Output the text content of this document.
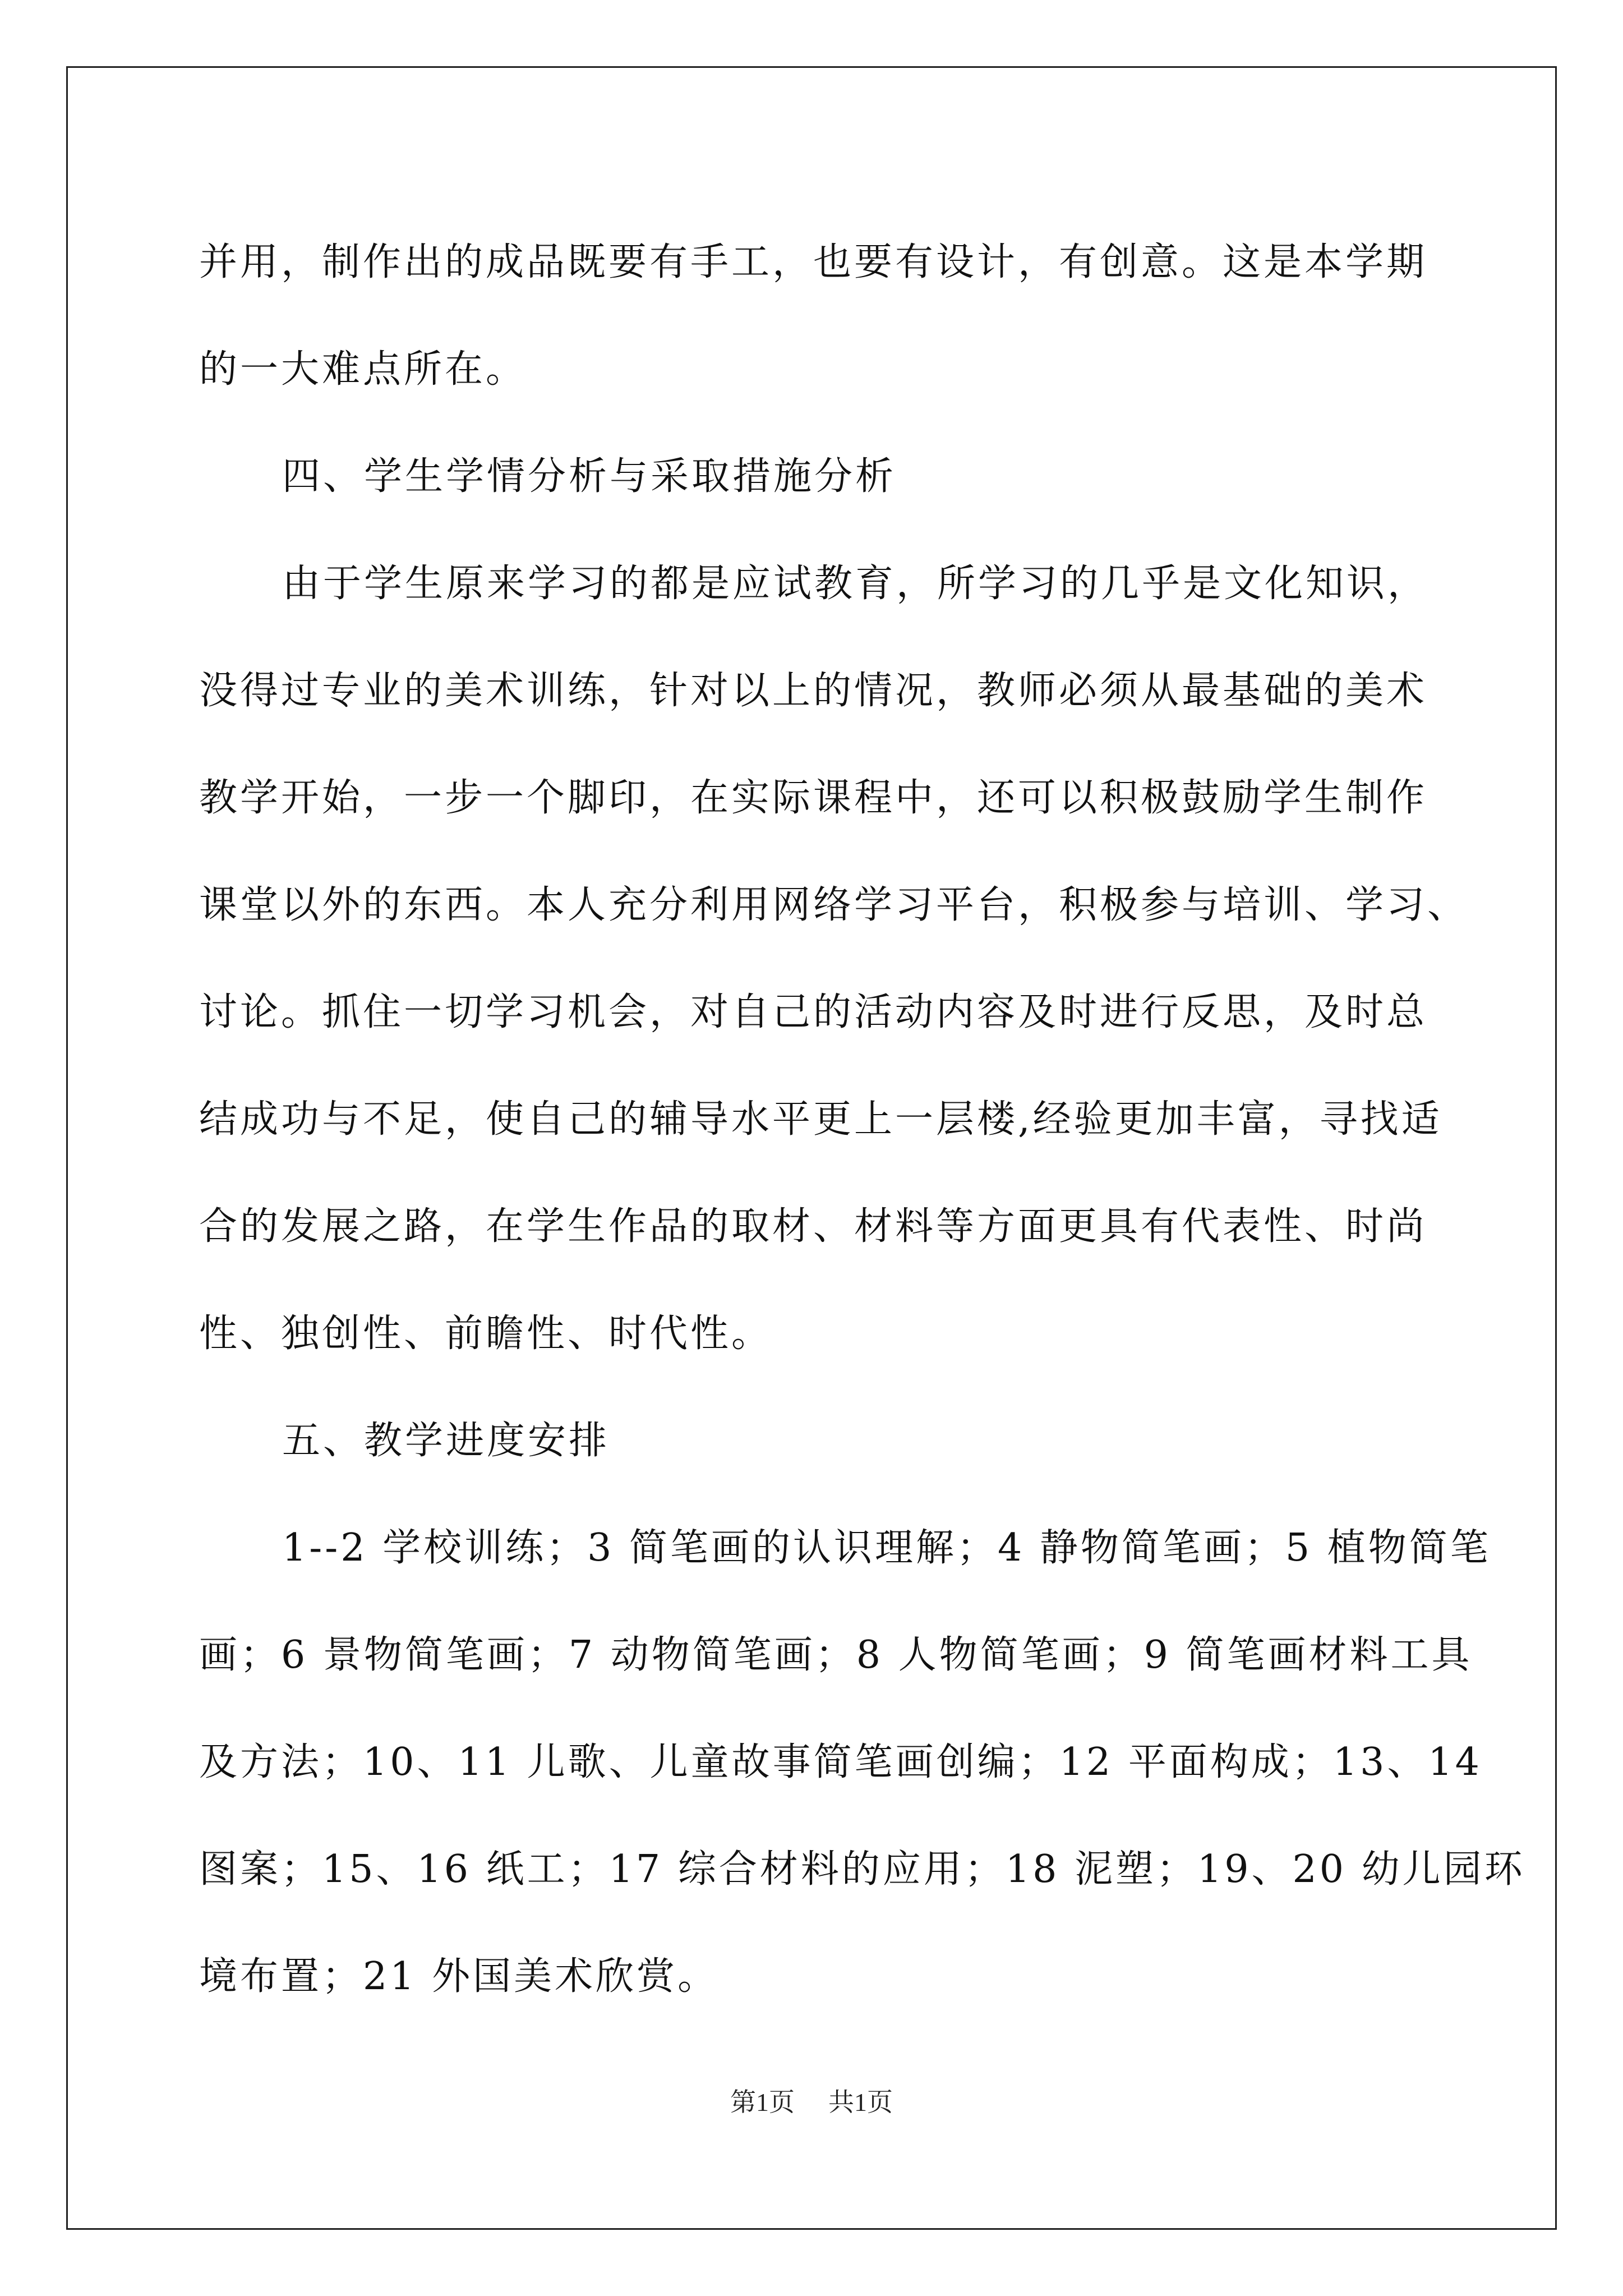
并用，制作出的成品既要有手工，也要有设计，有创意。这是本学期
的一大难点所在。
四、学生学情分析与采取措施分析
由于学生原来学习的都是应试教育，所学习的几乎是文化知识，
没得过专业的美术训练，针对以上的情况，教师必须从最基础的美术
教学开始，一步一个脚印，在实际课程中，还可以积极鼓励学生制作
课堂以外的东西。本人充分利用网络学习平台，积极参与培训、学习、
讨论。抓住一切学习机会，对自己的活动内容及时进行反思，及时总
结成功与不足，使自己的辅导水平更上一层楼,经验更加丰富，寻找适
合的发展之路，在学生作品的取材、材料等方面更具有代表性、时尚
性、独创性、前瞻性、时代性。
五、教学进度安排
1--2 学校训练；3 简笔画的认识理解；4 静物简笔画；5 植物简笔
画；6 景物简笔画；7 动物简笔画；8 人物简笔画；9 简笔画材料工具
及方法；10、11 儿歌、儿童故事简笔画创编；12 平面构成；13、14
图案；15、16 纸工；17 综合材料的应用；18 泥塑；19、20 幼儿园环
境布置；21 外国美术欣赏。
第1页 共1页
